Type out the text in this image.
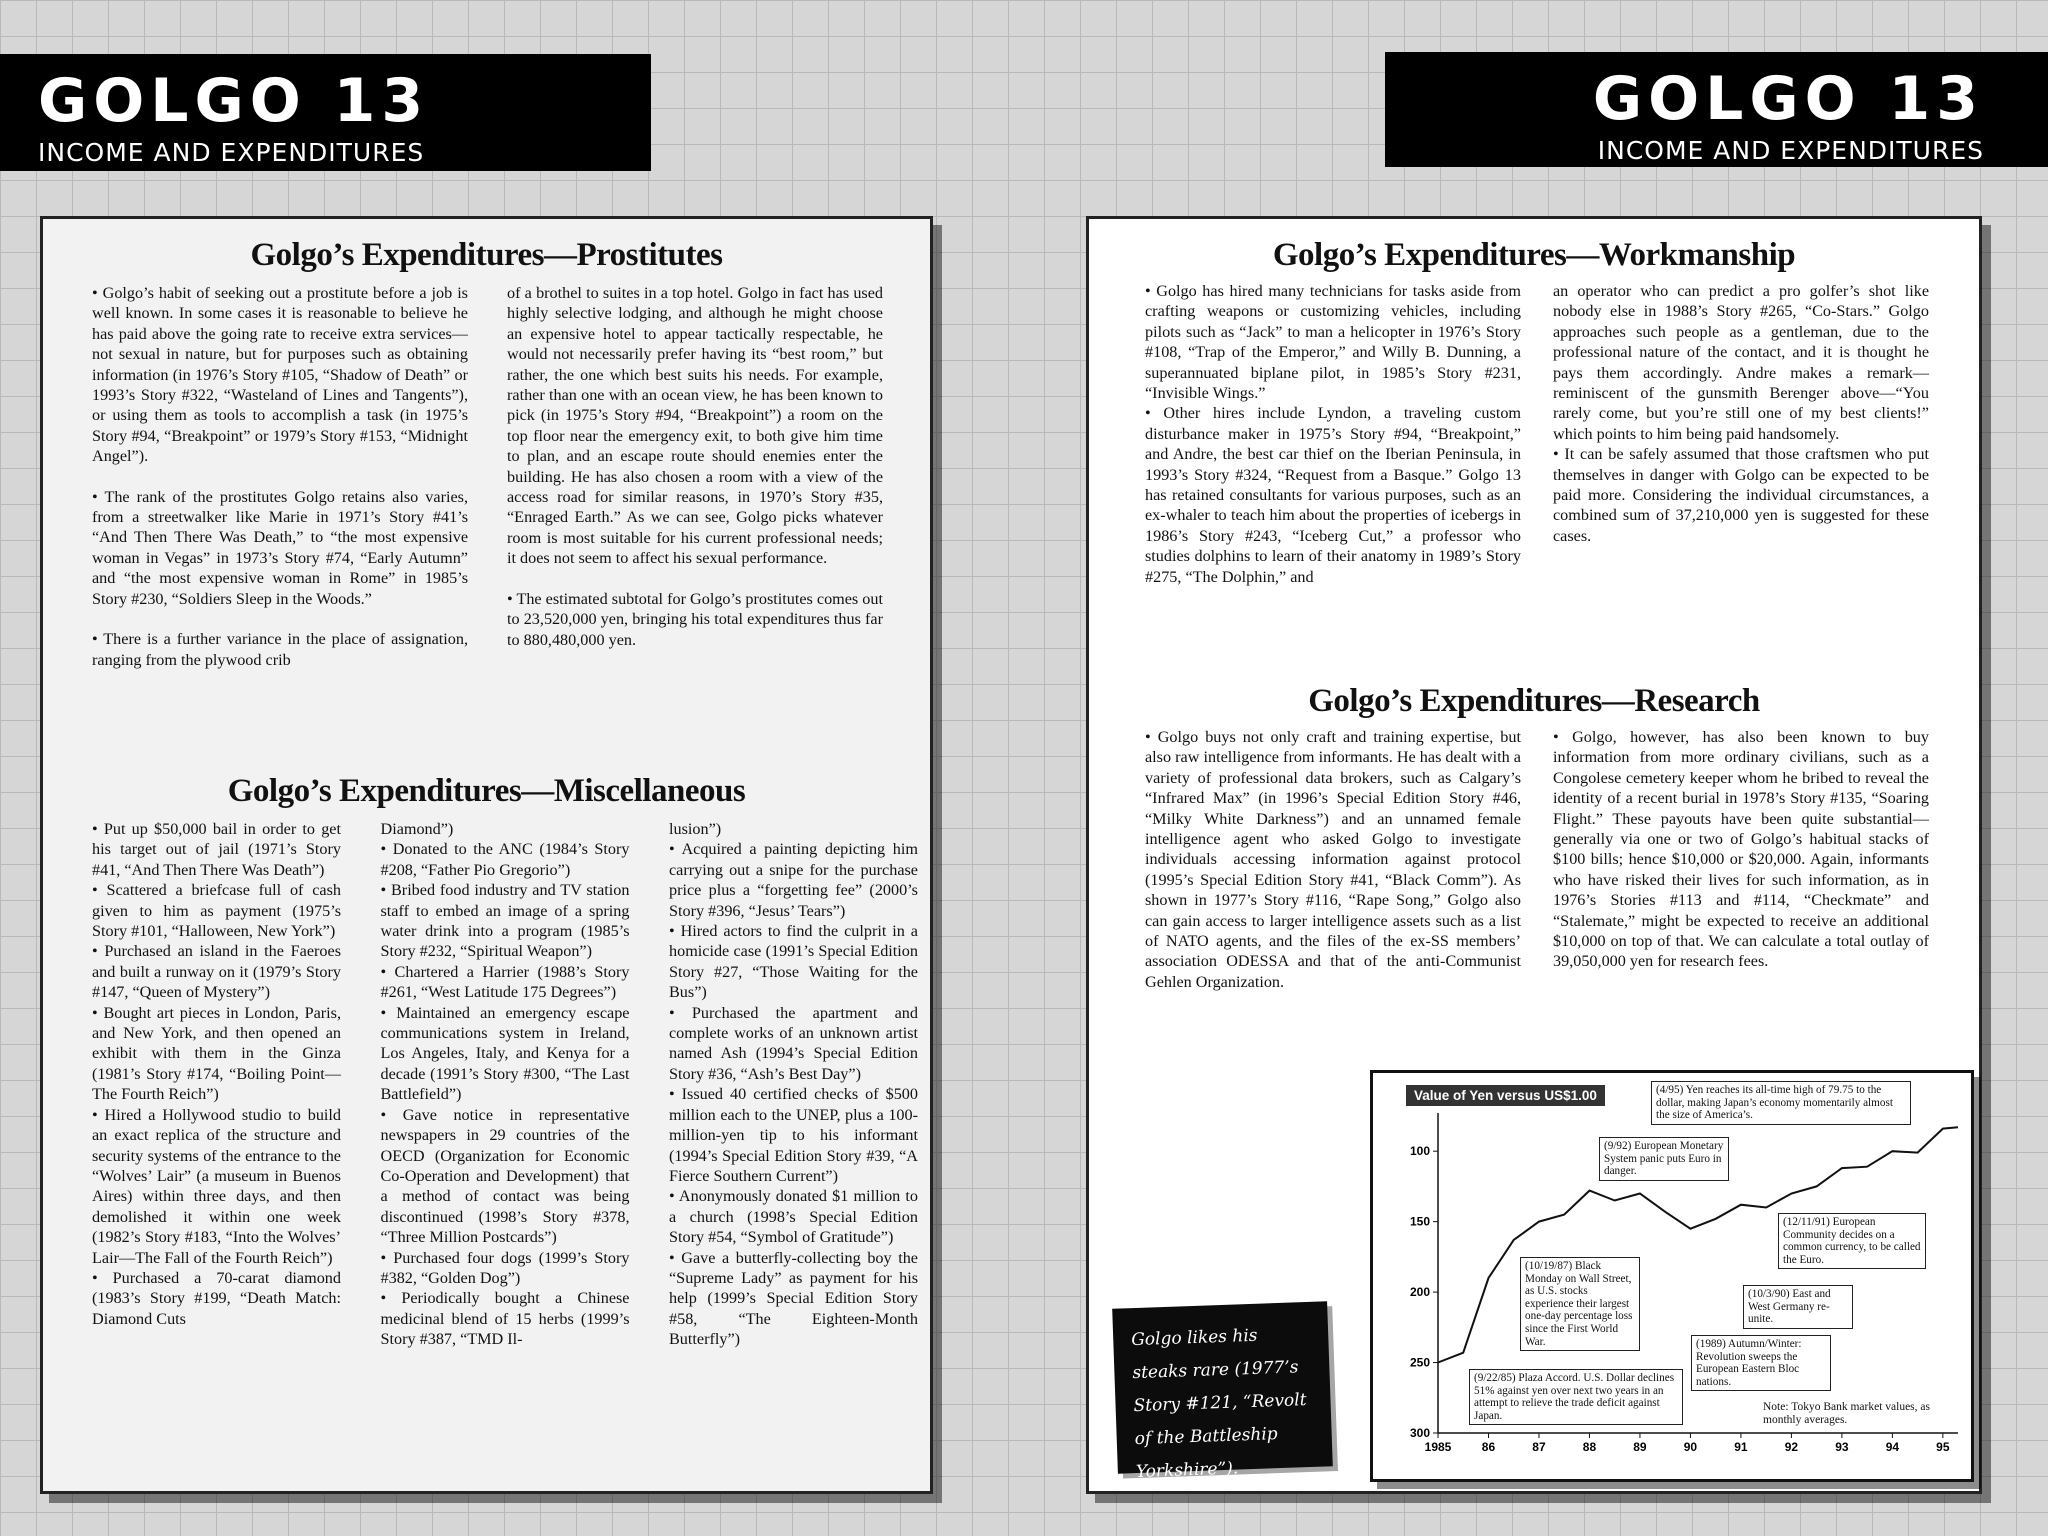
GOLGO 13
INCOME AND EXPENDITURES
GOLGO 13
INCOME AND EXPENDITURES
Golgo’s Expenditures—Prostitutes

• Golgo’s habit of seeking out a prostitute before a job is well known. In some cases it is reasonable to believe he has paid above the going rate to receive extra services—not sexual in nature, but for purposes such as obtaining information (in 1976’s Story #105, “Shadow of Death” or 1993’s Story #322, “Wasteland of Lines and Tangents”), or using them as tools to accomplish a task (in 1975’s Story #94, “Breakpoint” or 1979’s Story #153, “Midnight Angel”).

• The rank of the prostitutes Golgo retains also varies, from a streetwalker like Marie in 1971’s Story #41’s “And Then There Was Death,” to “the most expensive woman in Vegas” in 1973’s Story #74, “Early Autumn” and “the most expensive woman in Rome” in 1985’s Story #230, “Soldiers Sleep in the Woods.”

• There is a further variance in the place of assignation, ranging from the plywood crib

of a brothel to suites in a top hotel. Golgo in fact has used highly selective lodging, and although he might choose an expensive hotel to appear tactically respectable, he would not necessarily prefer having its “best room,” but rather, the one which best suits his needs. For example, rather than one with an ocean view, he has been known to pick (in 1975’s Story #94, “Breakpoint”) a room on the top floor near the emergency exit, to both give him time to plan, and an escape route should enemies enter the building. He has also chosen a room with a view of the access road for similar reasons, in 1970’s Story #35, “Enraged Earth.” As we can see, Golgo picks whatever room is most suitable for his current professional needs; it does not seem to affect his sexual performance.

• The estimated subtotal for Golgo’s prostitutes comes out to 23,520,000 yen, bringing his total expenditures thus far to 880,480,000 yen.

Golgo’s Expenditures—Miscellaneous

• Put up $50,000 bail in order to get his target out of jail (1971’s Story #41, “And Then There Was Death”)

• Scattered a briefcase full of cash given to him as payment (1975’s Story #101, “Halloween, New York”)

• Purchased an island in the Faeroes and built a runway on it (1979’s Story #147, “Queen of Mystery”)

• Bought art pieces in London, Paris, and New York, and then opened an exhibit with them in the Ginza (1981’s Story #174, “Boiling Point—The Fourth Reich”)

• Hired a Hollywood studio to build an exact replica of the structure and security systems of the entrance to the “Wolves’ Lair” (a museum in Buenos Aires) within three days, and then demolished it within one week (1982’s Story #183, “Into the Wolves’ Lair—The Fall of the Fourth Reich”)

• Purchased a 70-carat diamond (1983’s Story #199, “Death Match: Diamond Cuts

Diamond”)

• Donated to the ANC (1984’s Story #208, “Father Pio Gregorio”)

• Bribed food industry and TV station staff to embed an image of a spring water drink into a program (1985’s Story #232, “Spiritual Weapon”)

• Chartered a Harrier (1988’s Story #261, “West Latitude 175 Degrees”)

• Maintained an emergency escape communications system in Ireland, Los Angeles, Italy, and Kenya for a decade (1991’s Story #300, “The Last Battlefield”)

• Gave notice in representative newspapers in 29 countries of the OECD (Organization for Economic Co-Operation and Development) that a method of contact was being discontinued (1998’s Story #378, “Three Million Postcards”)

• Purchased four dogs (1999’s Story #382, “Golden Dog”)

• Periodically bought a Chinese medicinal blend of 15 herbs (1999’s Story #387, “TMD Il-

lusion”)

• Acquired a painting depicting him carrying out a snipe for the purchase price plus a “forgetting fee” (2000’s Story #396, “Jesus’ Tears”)

• Hired actors to find the culprit in a homicide case (1991’s Special Edition Story #27, “Those Waiting for the Bus”)

• Purchased the apartment and complete works of an unknown artist named Ash (1994’s Special Edition Story #36, “Ash’s Best Day”)

• Issued 40 certified checks of $500 million each to the UNEP, plus a 100-million-yen tip to his informant (1994’s Special Edition Story #39, “A Fierce Southern Current”)

• Anonymously donated $1 million to a church (1998’s Special Edition Story #54, “Symbol of Gratitude”)

• Gave a butterfly-collecting boy the “Supreme Lady” as payment for his help (1999’s Special Edition Story #58, “The Eighteen-Month Butterfly”)

Golgo’s Expenditures—Workmanship

• Golgo has hired many technicians for tasks aside from crafting weapons or customizing vehicles, including pilots such as “Jack” to man a helicopter in 1976’s Story #108, “Trap of the Emperor,” and Willy B. Dunning, a superannuated biplane pilot, in 1985’s Story #231, “Invisible Wings.”

• Other hires include Lyndon, a traveling custom disturbance maker in 1975’s Story #94, “Breakpoint,” and Andre, the best car thief on the Iberian Peninsula, in 1993’s Story #324, “Request from a Basque.” Golgo 13 has retained consultants for various purposes, such as an ex-whaler to teach him about the properties of icebergs in 1986’s Story #243, “Iceberg Cut,” a professor who studies dolphins to learn of their anatomy in 1989’s Story #275, “The Dolphin,” and

an operator who can predict a pro golfer’s shot like nobody else in 1988’s Story #265, “Co-Stars.” Golgo approaches such people as a gentleman, due to the professional nature of the contact, and it is thought he pays them accordingly. Andre makes a remark—reminiscent of the gunsmith Berenger above—“You rarely come, but you’re still one of my best clients!” which points to him being paid handsomely.

• It can be safely assumed that those craftsmen who put themselves in danger with Golgo can be expected to be paid more. Considering the individual circumstances, a combined sum of 37,210,000 yen is suggested for these cases.

Golgo’s Expenditures—Research

• Golgo buys not only craft and training expertise, but also raw intelligence from informants. He has dealt with a variety of professional data brokers, such as Calgary’s “Infrared Max” (in 1996’s Special Edition Story #46, “Milky White Darkness”) and an unnamed female intelligence agent who asked Golgo to investigate individuals accessing information against protocol (1995’s Special Edition Story #41, “Black Comm”). As shown in 1977’s Story #116, “Rape Song,” Golgo also can gain access to larger intelligence assets such as a list of NATO agents, and the files of the ex-SS members’ association ODESSA and that of the anti-Communist Gehlen Organization.

• Golgo, however, has also been known to buy information from more ordinary civilians, such as a Congolese cemetery keeper whom he bribed to reveal the identity of a recent burial in 1978’s Story #135, “Soaring Flight.” These payouts have been quite substantial—generally via one or two of Golgo’s habitual stacks of $100 bills; hence $10,000 or $20,000. Again, informants who have risked their lives for such information, as in 1976’s Stories #113 and #114, “Checkmate” and “Stalemate,” might be expected to receive an additional $10,000 on top of that. We can calculate a total outlay of 39,050,000 yen for research fees.

100
150
200
250
300
1985	86	87	88	89	90	91	92	93	94	95
Value of Yen versus US$1.00	(4/95) Yen reaches its all-time high of 79.75 to the dollar, making Japan’s economy momentarily almost the size of America’s.
(9/92) European Monetary System panic puts Euro in danger.
(12/11/91) European Community decides on a common currency, to be called the Euro.
(10/19/87) Black Monday on Wall Street, as U.S. stocks experience their largest one-day percentage loss since the First World War.
(10/3/90) East and West Germany re-unite.
(1989) Autumn/Winter: Revolution sweeps the European Eastern Bloc nations.
(9/22/85) Plaza Accord. U.S. Dollar declines 51% against yen over next two years in an attempt to relieve the trade deficit against Japan.
Note: Tokyo Bank market values, as monthly averages.
Golgo likes his steaks rare (1977’s Story #121, “Revolt of the Battleship Yorkshire”).
